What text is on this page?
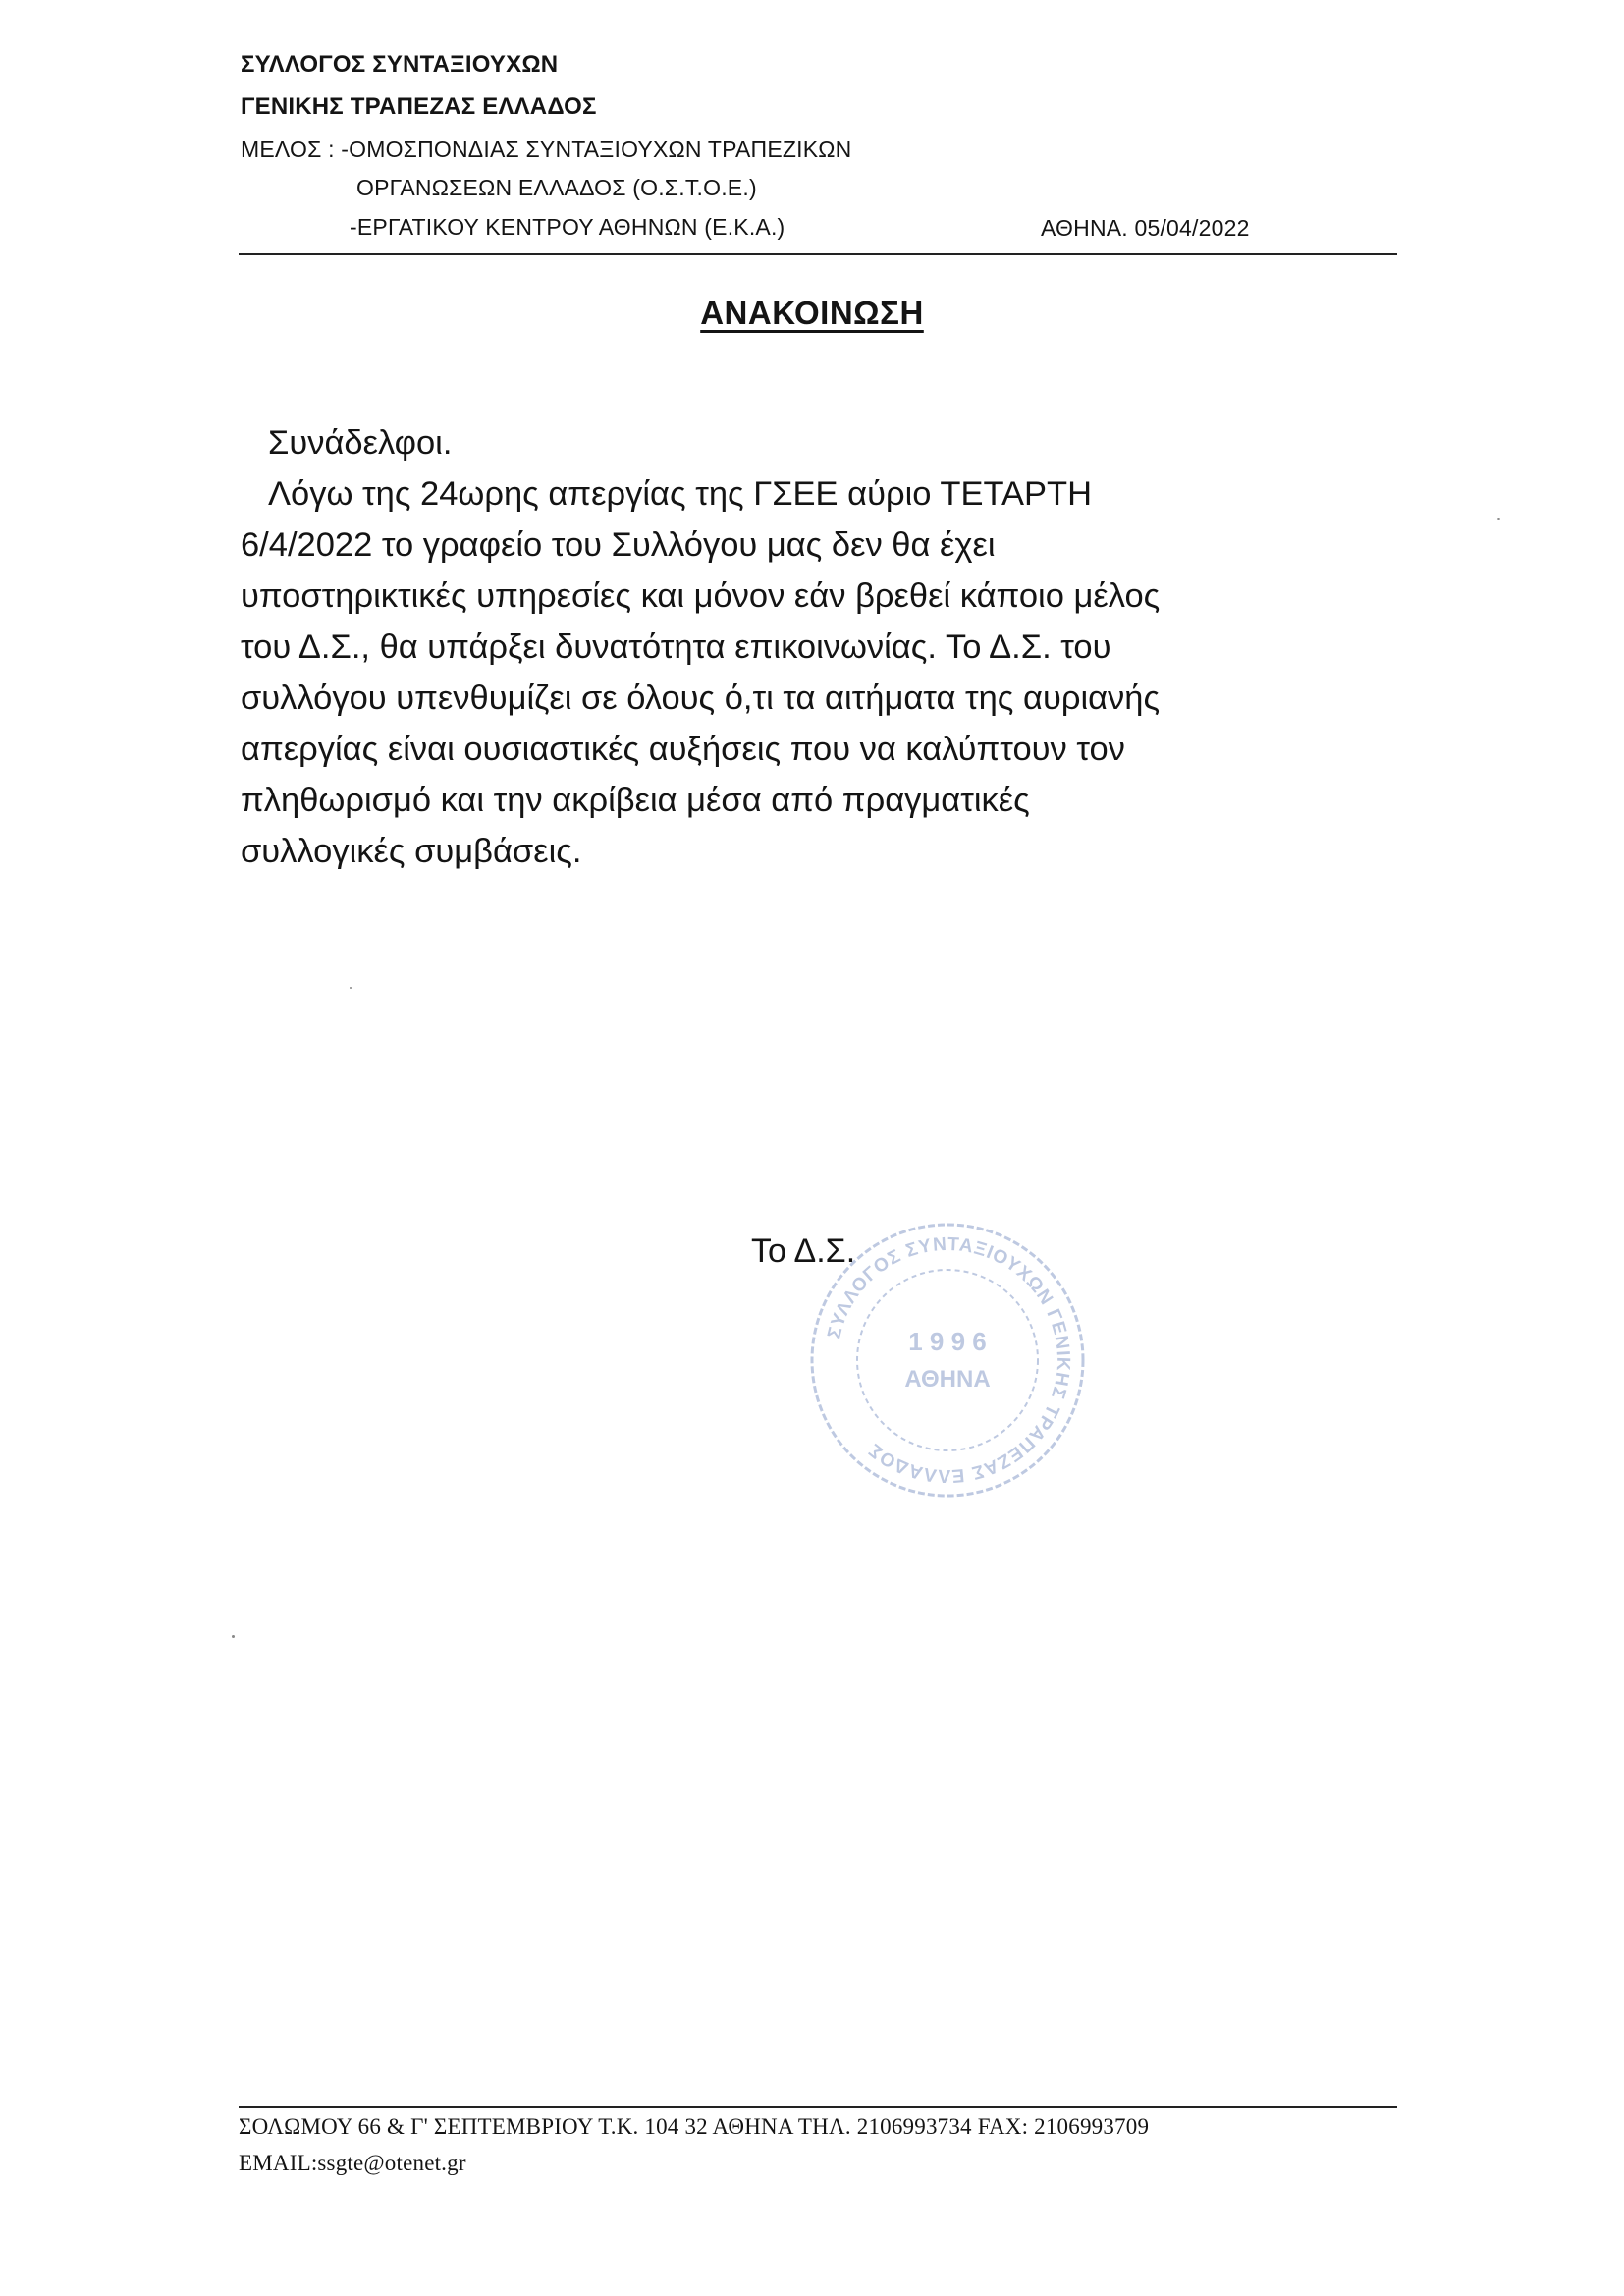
ΣΥΛΛΟΓΟΣ ΣΥΝΤΑΞΙΟΥΧΩΝ
ΓΕΝΙΚΗΣ ΤΡΑΠΕΖΑΣ ΕΛΛΑΔΟΣ
ΜΕΛΟΣ : -ΟΜΟΣΠΟΝΔΙΑΣ ΣΥΝΤΑΞΙΟΥΧΩΝ ΤΡΑΠΕΖΙΚΩΝ
ΟΡΓΑΝΩΣΕΩΝ ΕΛΛΑΔΟΣ (Ο.Σ.Τ.Ο.Ε.)
-ΕΡΓΑΤΙΚΟΥ ΚΕΝΤΡΟΥ ΑΘΗΝΩΝ (Ε.Κ.Α.)	ΑΘΗΝΑ. 05/04/2022
ΑΝΑΚΟΙΝΩΣΗ
Συνάδελφοι.
Λόγω της 24ωρης απεργίας της ΓΣΕΕ αύριο ΤΕΤΑΡΤΗ
6/4/2022 το γραφείο του Συλλόγου μας δεν θα έχει
υποστηρικτικές υπηρεσίες και μόνον εάν βρεθεί κάποιο μέλος
του Δ.Σ., θα υπάρξει δυνατότητα επικοινωνίας. Το Δ.Σ. του
συλλόγου υπενθυμίζει σε όλους ό,τι τα αιτήματα της αυριανής
απεργίας είναι ουσιαστικές αυξήσεις που να καλύπτουν τον
πληθωρισμό και την ακρίβεια μέσα από πραγματικές
συλλογικές συμβάσεις.
Το Δ.Σ.
ΣΥΛΛΟΓΟΣ ΣΥΝΤΑΞΙΟΥΧΩΝ ΓΕΝΙΚΗΣ ΤΡΑΠΕΖΑΣ ΕΛΛΑΔΟΣ
1 9 9 6
ΑΘΗΝΑ
ΣΟΛΩΜΟΥ 66 & Γ' ΣΕΠΤΕΜΒΡΙΟΥ Τ.Κ. 104 32 ΑΘΗΝΑ ΤΗΛ. 2106993734 FAX: 2106993709
EMAIL:ssgte@otenet.gr
